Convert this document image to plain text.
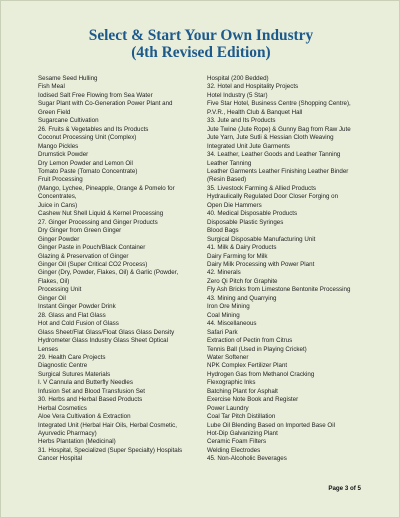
Select & Start Your Own Industry
(4th Revised Edition)
Sesame Seed Hulling
Fish Meal
Iodised Salt Free Flowing from Sea Water
Sugar Plant with Co-Generation Power Plant and
Green Field
Sugarcane Cultivation
26. Fruits & Vegetables and Its Products
Coconut Processing Unit (Complex)
Mango Pickles
Drumstick Powder
Dry Lemon Powder and Lemon Oil
Tomato Paste (Tomato Concentrate)
Fruit Processing
(Mango, Lychee, Pineapple, Orange & Pomelo for
Concentrates,
Juice in Cans)
Cashew Nut Shell Liquid & Kernel Processing
27. Ginger Processing and Ginger Products
Dry Ginger from Green Ginger
Ginger Powder
Ginger Paste in Pouch/Black Container
Glazing & Preservation of Ginger
Ginger Oil (Super Critical CO2 Process)
Ginger (Dry, Powder, Flakes, Oil) & Garlic (Powder,
Flakes, Oil)
Processing Unit
Ginger Oil
Instant Ginger Powder Drink
28. Glass and Flat Glass
Hot and Cold Fusion of Glass
Glass Sheet/Flat Glass/Float Glass Glass Density
Hydrometer Glass Industry Glass Sheet Optical
Lenses
29. Health Care Projects
Diagnostic Centre
Surgical Sutures Materials
I. V Cannula and Butterfly Needles
Infusion Set and Blood Transfusion Set
30. Herbs and Herbal Based Products
Herbal Cosmetics
Aloe Vera Cultivation & Extraction
Integrated Unit (Herbal Hair Oils, Herbal Cosmetic,
Ayurvedic Pharmacy)
Herbs Plantation (Medicinal)
31. Hospital, Specialized (Super Specialty) Hospitals
Cancer Hospital
Hospital (200 Bedded)
32. Hotel and Hospitality Projects
Hotel Industry (5 Star)
Five Star Hotel, Business Centre (Shopping Centre),
P.V.R., Health Club & Banquet Hall
33. Jute and Its Products
Jute Twine (Jute Rope) & Gunny Bag from Raw Jute
Jute Yarn, Jute Sutli & Hessian Cloth Weaving
Integrated Unit Jute Garments
34. Leather, Leather Goods and Leather Tanning
Leather Tanning
Leather Garments Leather Finishing Leather Binder
(Resin Based)
35. Livestock Farming & Allied Products
Hydraulically Regulated Door Closer Forging on
Open Die Hammers
40. Medical Disposable Products
Disposable Plastic Syringes
Blood Bags
Surgical Disposable Manufacturing Unit
41. Milk & Dairy Products
Dairy Farming for Milk
Dairy Milk Processing with Power Plant
42. Minerals
Zero Qi Pitch for Graphite
Fly Ash Bricks from Limestone Bentonite Processing
43. Mining and Quarrying
Iron Ore Mining
Coal Mining
44. Miscellaneous
Safari Park
Extraction of Pectin from Citrus
Tennis Ball (Used in Playing Cricket)
Water Softener
NPK Complex Fertilizer Plant
Hydrogen Gas from Methanol Cracking
Flexographic Inks
Batching Plant for Asphalt
Exercise Note Book and Register
Power Laundry
Coal Tar Pitch Distillation
Lube Oil Blending Based on Imported Base Oil
Hot-Dip Galvanizing Plant
Ceramic Foam Filters
Welding Electrodes
45. Non-Alcoholic Beverages
Page 3 of 5
